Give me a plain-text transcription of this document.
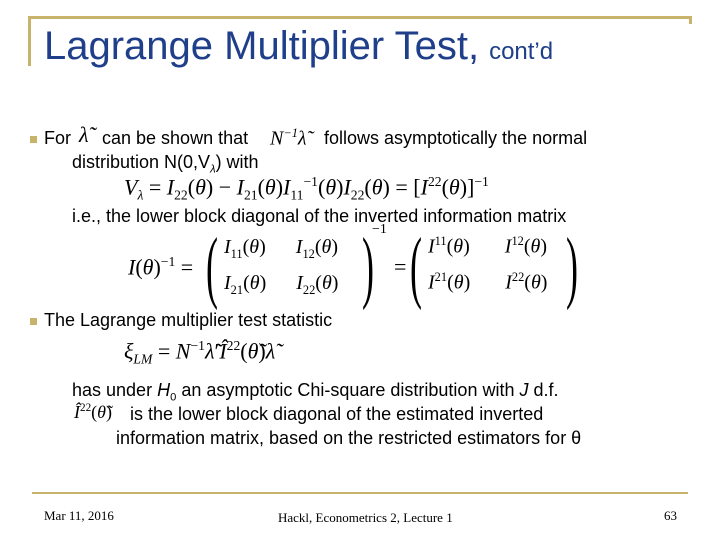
Lagrange Multiplier Test, cont’d
For λ̃ can be shown that $N^{-1}\lambdã$ follows asymptotically the normal
distribution $N(0,V_\lambda)$ with
$V_\lambda = I_{22}(\theta) - I_{21}(\theta)I_{11}^{-1}(\theta)I_{22}(\theta) = [I^{22}(\theta)]^{-1}$
i.e., the lower block diagonal of the inverted information matrix
$I(\theta)^{-1}$ = ( $I_{11}(\theta)$      $I_{12}(\theta)$
$I_{21}(\theta)$      $I_{22}(\theta)$ )
−1
= ( $I^{11}(\theta)$       $I^{12}(\theta)$
$I^{21}(\theta)$       $I^{22}(\theta)$ )
The Lagrange multiplier test statistic
$\xi_{LM}$ = $N^{-1}\lambdã'Î^{22}(\thetã)\lambdã$
has under $H_0$ an asymptotic Chi-square distribution with J d.f.
$Î^{22}(\thetã)$ is the lower block diagonal of the estimated inverted
information matrix, based on the restricted estimators for θ
Mar 11, 2016	Hackl, Econometrics 2, Lecture 1	63
